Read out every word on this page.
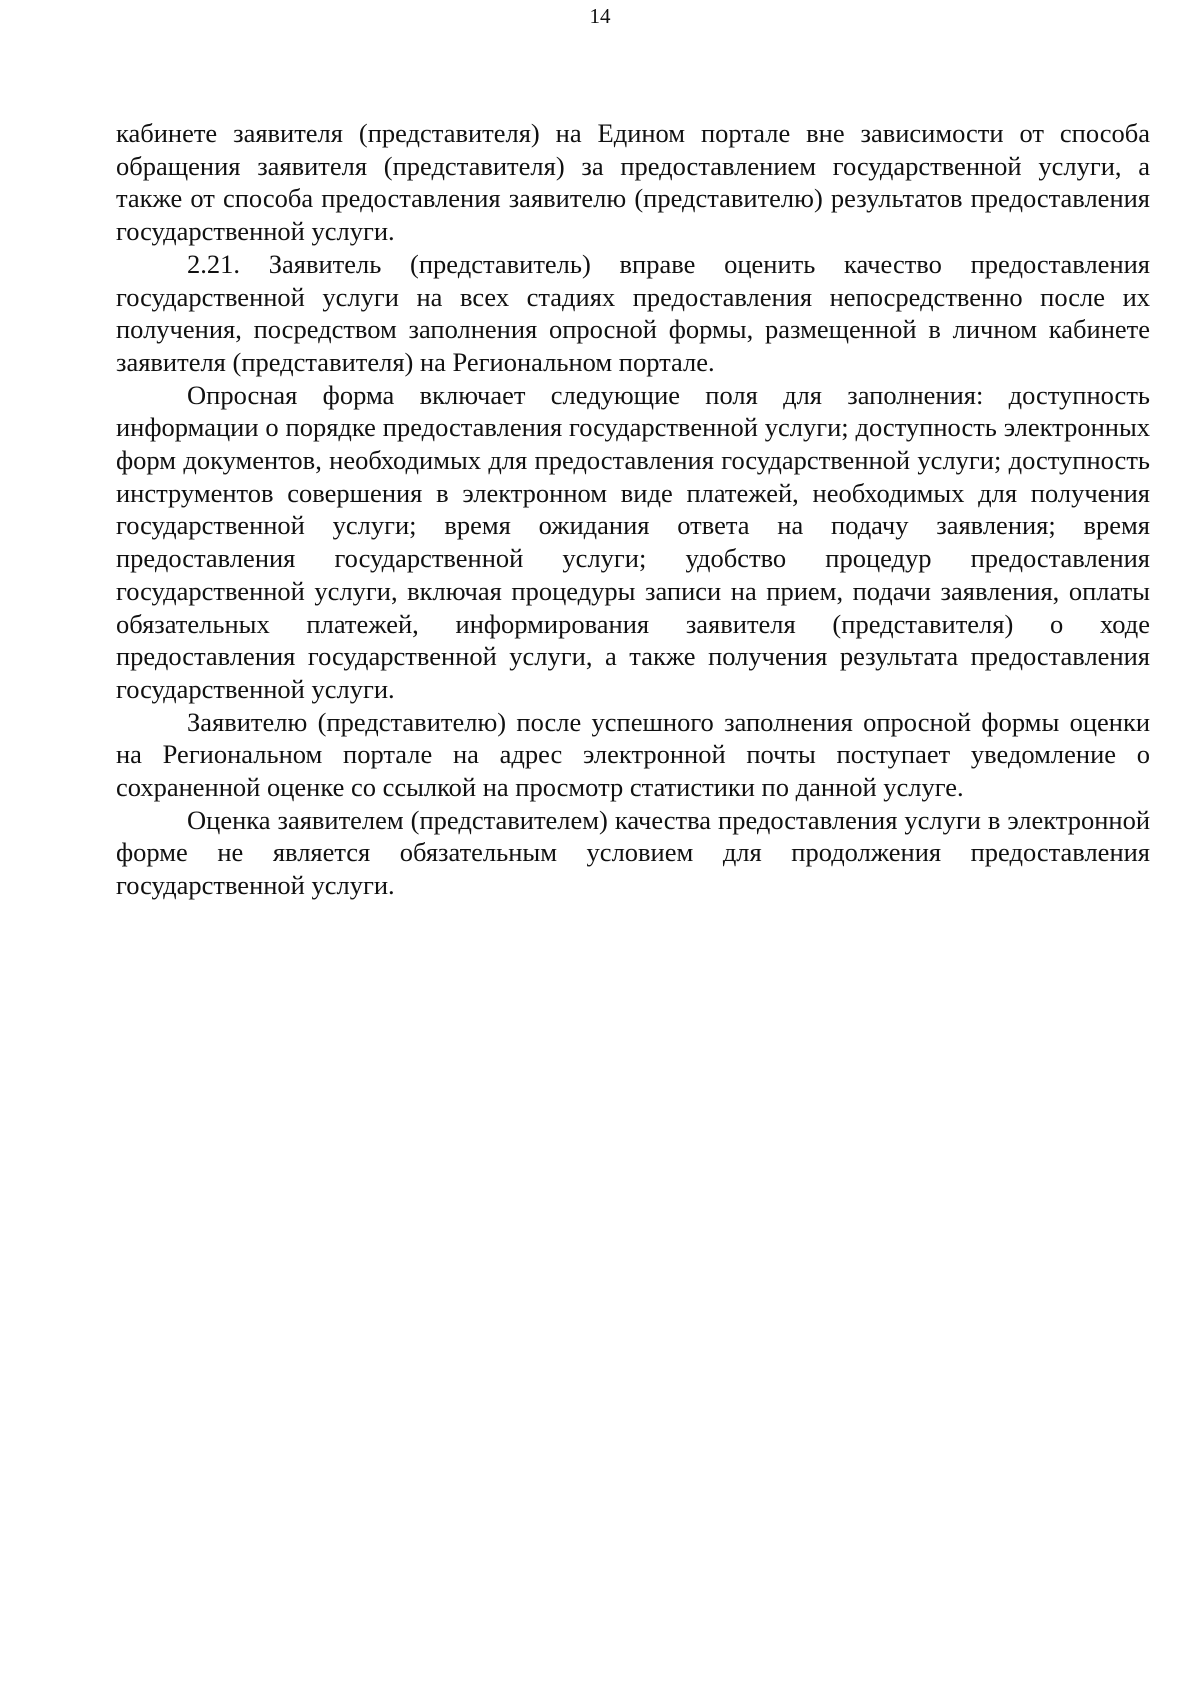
14

кабинете заявителя (представителя) на Едином портале вне зависимости от способа обращения заявителя (представителя) за предоставлением государственной услуги, а также от способа предоставления заявителю (представителю) результатов предоставления государственной услуги.

2.21. Заявитель (представитель) вправе оценить качество предоставления государственной услуги на всех стадиях предоставления непосредственно после их получения, посредством заполнения опросной формы, размещенной в личном кабинете заявителя (представителя) на Региональном портале.

Опросная форма включает следующие поля для заполнения: доступность информации о порядке предоставления государственной услуги; доступность электронных форм документов, необходимых для предоставления государственной услуги; доступность инструментов совершения в электронном виде платежей, необходимых для получения государственной услуги; время ожидания ответа на подачу заявления; время предоставления государственной услуги; удобство процедур предоставления государственной услуги, включая процедуры записи на прием, подачи заявления, оплаты обязательных платежей, информирования заявителя (представителя) о ходе предоставления государственной услуги, а также получения результата предоставления государственной услуги.

Заявителю (представителю) после успешного заполнения опросной формы оценки на Региональном портале на адрес электронной почты поступает уведомление о сохраненной оценке со ссылкой на просмотр статистики по данной услуге.

Оценка заявителем (представителем) качества предоставления услуги в электронной форме не является обязательным условием для продолжения предоставления государственной услуги.
